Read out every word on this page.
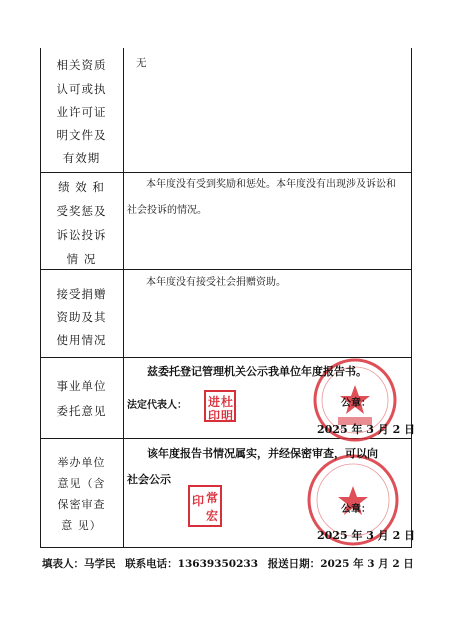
相关资质
认可或执
业许可证
明文件及
有效期
无
绩 效 和
受奖惩及
诉讼投诉
情 况
本年度没有受到奖励和惩处。本年度没有出现涉及诉讼和
社会投诉的情况。
接受捐赠
资助及其
使用情况
本年度没有接受社会捐赠资助。
事业单位
委托意见
兹委托登记管理机关公示我单位年度报告书。
法定代表人： 进 杜
印 明
公章：
2025 年 3 月 2 日
举办单位
意见（含
保密审查
意 见）
该年度报告书情况属实，并经保密审查，可以向
社会公示
印 常
宏	公章：
2025 年 3 月 2 日
填表人：马学民 联系电话：13639350233 报送日期：2025 年 3 月 2 日
